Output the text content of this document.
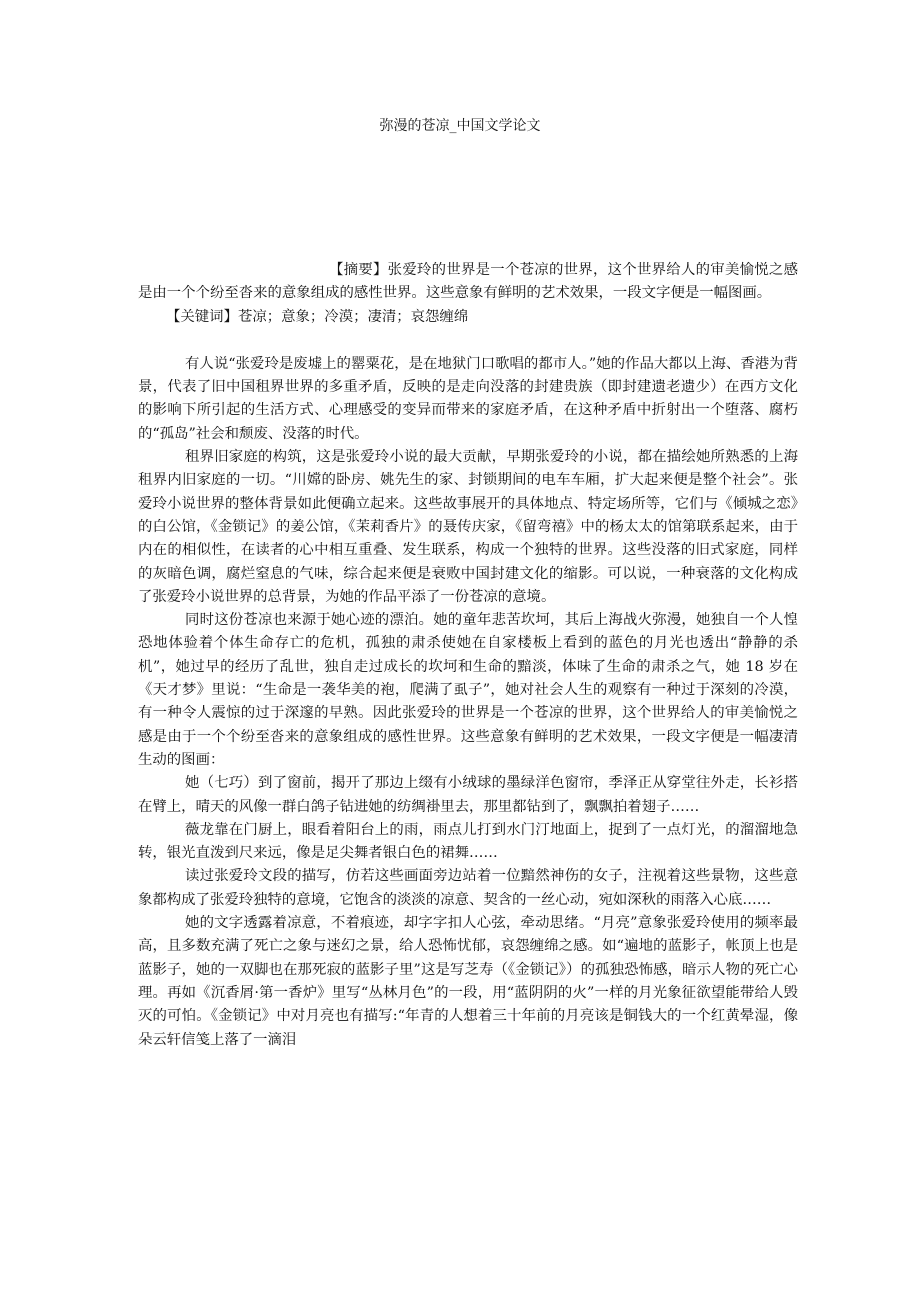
弥漫的苍凉_中国文学论文

【摘要】张爱玲的世界是一个苍凉的世界，这个世界给人的审美愉悦之感是由一个个纷至沓来的意象组成的感性世界。这些意象有鲜明的艺术效果，一段文字便是一幅图画。

【关键词】苍凉；意象；冷漠；凄清；哀怨缠绵

有人说“张爱玲是废墟上的罂粟花，是在地狱门口歌唱的都市人。”她的作品大都以上海、香港为背景，代表了旧中国租界世界的多重矛盾，反映的是走向没落的封建贵族（即封建遗老遗少）在西方文化的影响下所引起的生活方式、心理感受的变异而带来的家庭矛盾，在这种矛盾中折射出一个堕落、腐朽的“孤岛”社会和颓废、没落的时代。

租界旧家庭的构筑，这是张爱玲小说的最大贡献，早期张爱玲的小说，都在描绘她所熟悉的上海租界内旧家庭的一切。“川嫦的卧房、姚先生的家、封锁期间的电车车厢，扩大起来便是整个社会”。张爱玲小说世界的整体背景如此便确立起来。这些故事展开的具体地点、特定场所等，它们与《倾城之恋》的白公馆，《金锁记》的姜公馆，《茉莉香片》的聂传庆家，《留弯禧》中的杨太太的馆第联系起来，由于内在的相似性，在读者的心中相互重叠、发生联系，构成一个独特的世界。这些没落的旧式家庭，同样的灰暗色调，腐烂窒息的气味，综合起来便是衰败中国封建文化的缩影。可以说，一种衰落的文化构成了张爱玲小说世界的总背景，为她的作品平添了一份苍凉的意境。

同时这份苍凉也来源于她心迹的漂泊。她的童年悲苦坎坷，其后上海战火弥漫，她独自一个人惶恐地体验着个体生命存亡的危机，孤独的肃杀使她在自家楼板上看到的蓝色的月光也透出“静静的杀机”，她过早的经历了乱世，独自走过成长的坎坷和生命的黯淡，体味了生命的肃杀之气，她 18 岁在《天才梦》里说：“生命是一袭华美的袍，爬满了虱子”，她对社会人生的观察有一种过于深刻的冷漠，有一种令人震惊的过于深邃的早熟。因此张爱玲的世界是一个苍凉的世界，这个世界给人的审美愉悦之感是由于一个个纷至沓来的意象组成的感性世界。这些意象有鲜明的艺术效果，一段文字便是一幅凄清生动的图画：

她（七巧）到了窗前，揭开了那边上缀有小绒球的墨绿洋色窗帘，季泽正从穿堂往外走，长衫搭在臂上，晴天的风像一群白鸽子钻进她的纺绸褂里去，那里都钻到了，飘飘拍着翅子……

薇龙靠在门厨上，眼看着阳台上的雨，雨点儿打到水门汀地面上，捉到了一点灯光，的溜溜地急转，银光直泼到尺来远，像是足尖舞者银白色的裙舞……

读过张爱玲文段的描写，仿若这些画面旁边站着一位黯然神伤的女子，注视着这些景物，这些意象都构成了张爱玲独特的意境，它饱含的淡淡的凉意、契含的一丝心动，宛如深秋的雨落入心底……

她的文字透露着凉意，不着痕迹，却字字扣人心弦，牵动思绪。“月亮”意象张爱玲使用的频率最高，且多数充满了死亡之象与迷幻之景，给人恐怖忧郁，哀怨缠绵之感。如“遍地的蓝影子，帐顶上也是蓝影子，她的一双脚也在那死寂的蓝影子里”这是写芝寿（《金锁记》）的孤独恐怖感，暗示人物的死亡心理。再如《沉香屑·第一香炉》里写“丛林月色”的一段，用“蓝阴阴的火”一样的月光象征欲望能带给人毁灭的可怕。《金锁记》中对月亮也有描写:“年青的人想着三十年前的月亮该是铜钱大的一个红黄晕湿，像朵云轩信笺上落了一滴泪
